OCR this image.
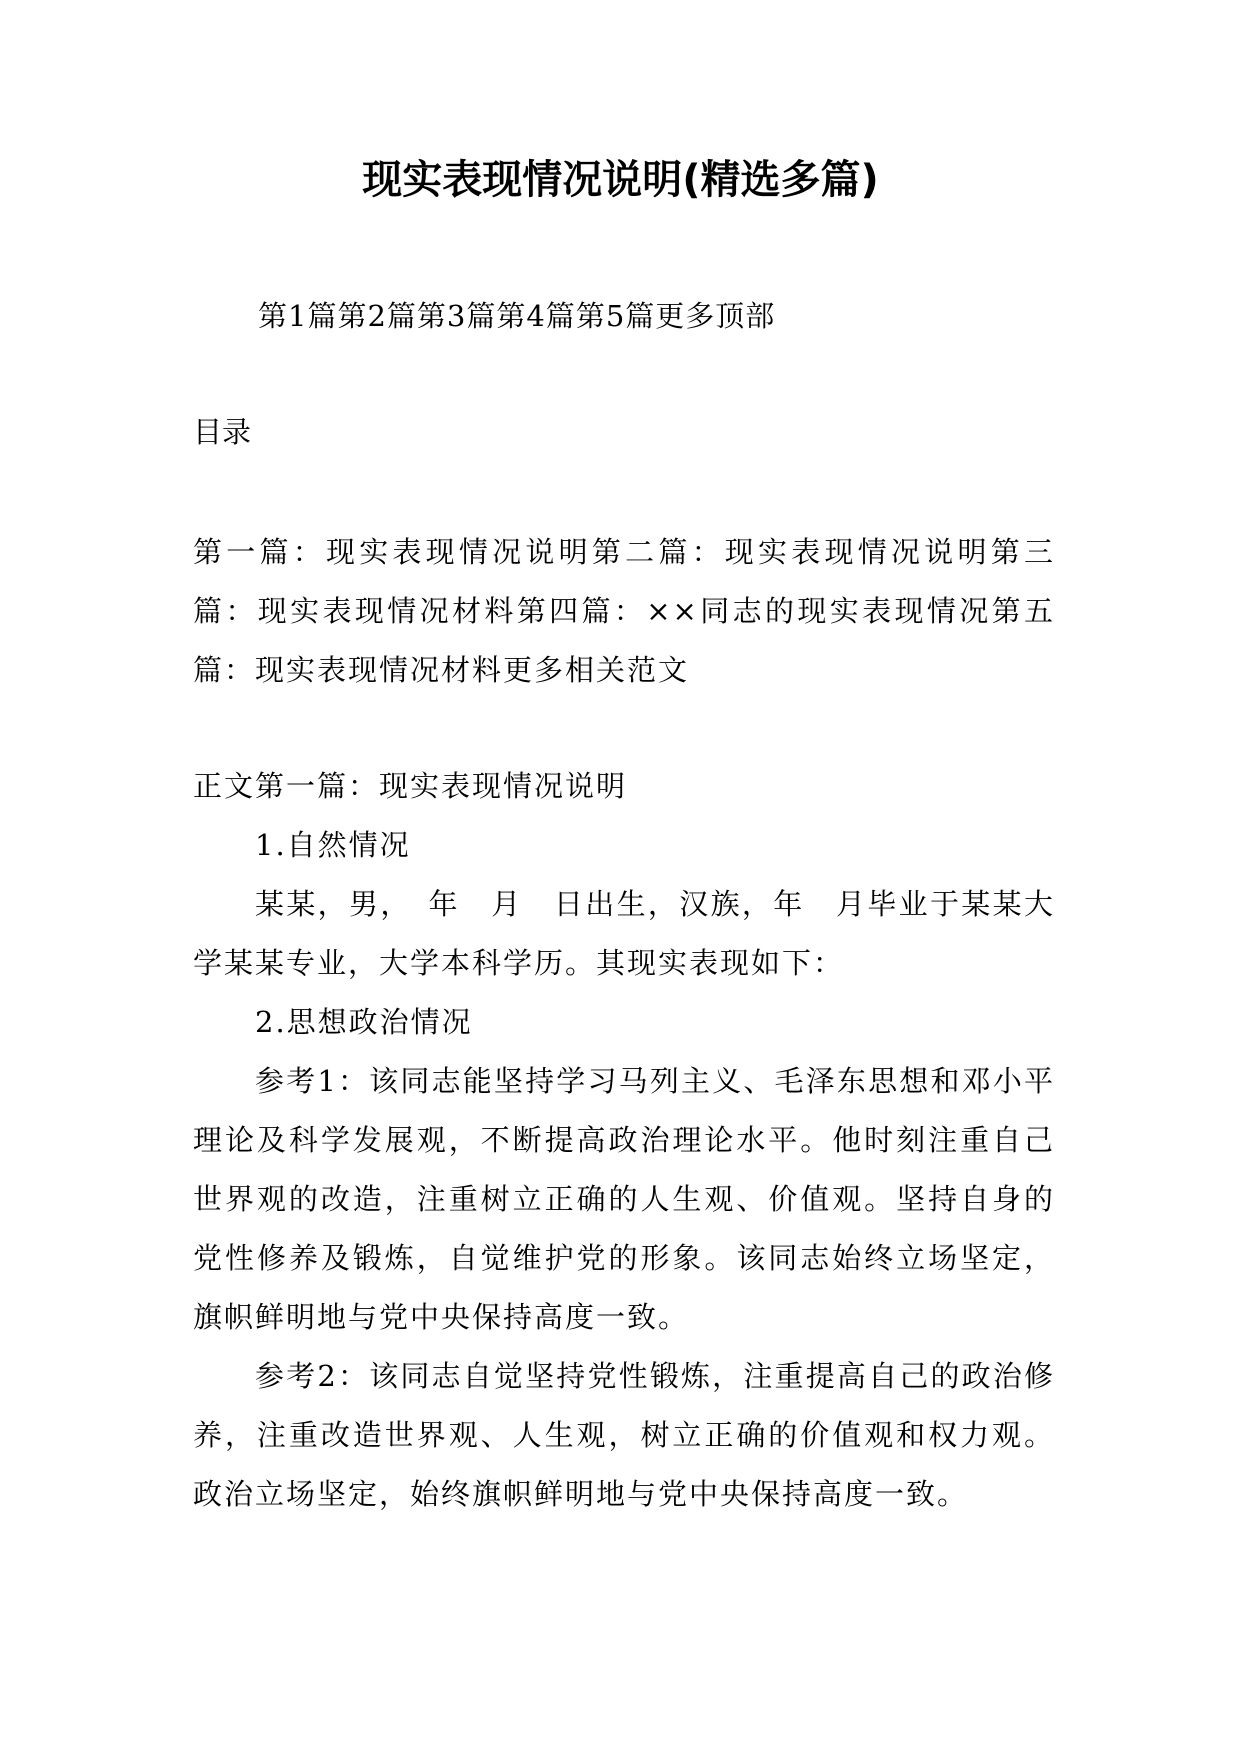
现实表现情况说明(精选多篇)
第1篇第2篇第3篇第4篇第5篇更多顶部
目录
第一篇：现实表现情况说明第二篇：现实表现情况说明第三篇：现实表现情况材料第四篇：××同志的现实表现情况第五篇：现实表现情况材料更多相关范文

正文第一篇：现实表现情况说明

1.自然情况

某某，男，　年　月　日出生，汉族，年　月毕业于某某大学某某专业，大学本科学历。其现实表现如下：

2.思想政治情况

参考1：该同志能坚持学习马列主义、毛泽东思想和邓小平理论及科学发展观，不断提高政治理论水平。他时刻注重自己世界观的改造，注重树立正确的人生观、价值观。坚持自身的党性修养及锻炼，自觉维护党的形象。该同志始终立场坚定，旗帜鲜明地与党中央保持高度一致。

参考2：该同志自觉坚持党性锻炼，注重提高自己的政治修养，注重改造世界观、人生观，树立正确的价值观和权力观。政治立场坚定，始终旗帜鲜明地与党中央保持高度一致。
